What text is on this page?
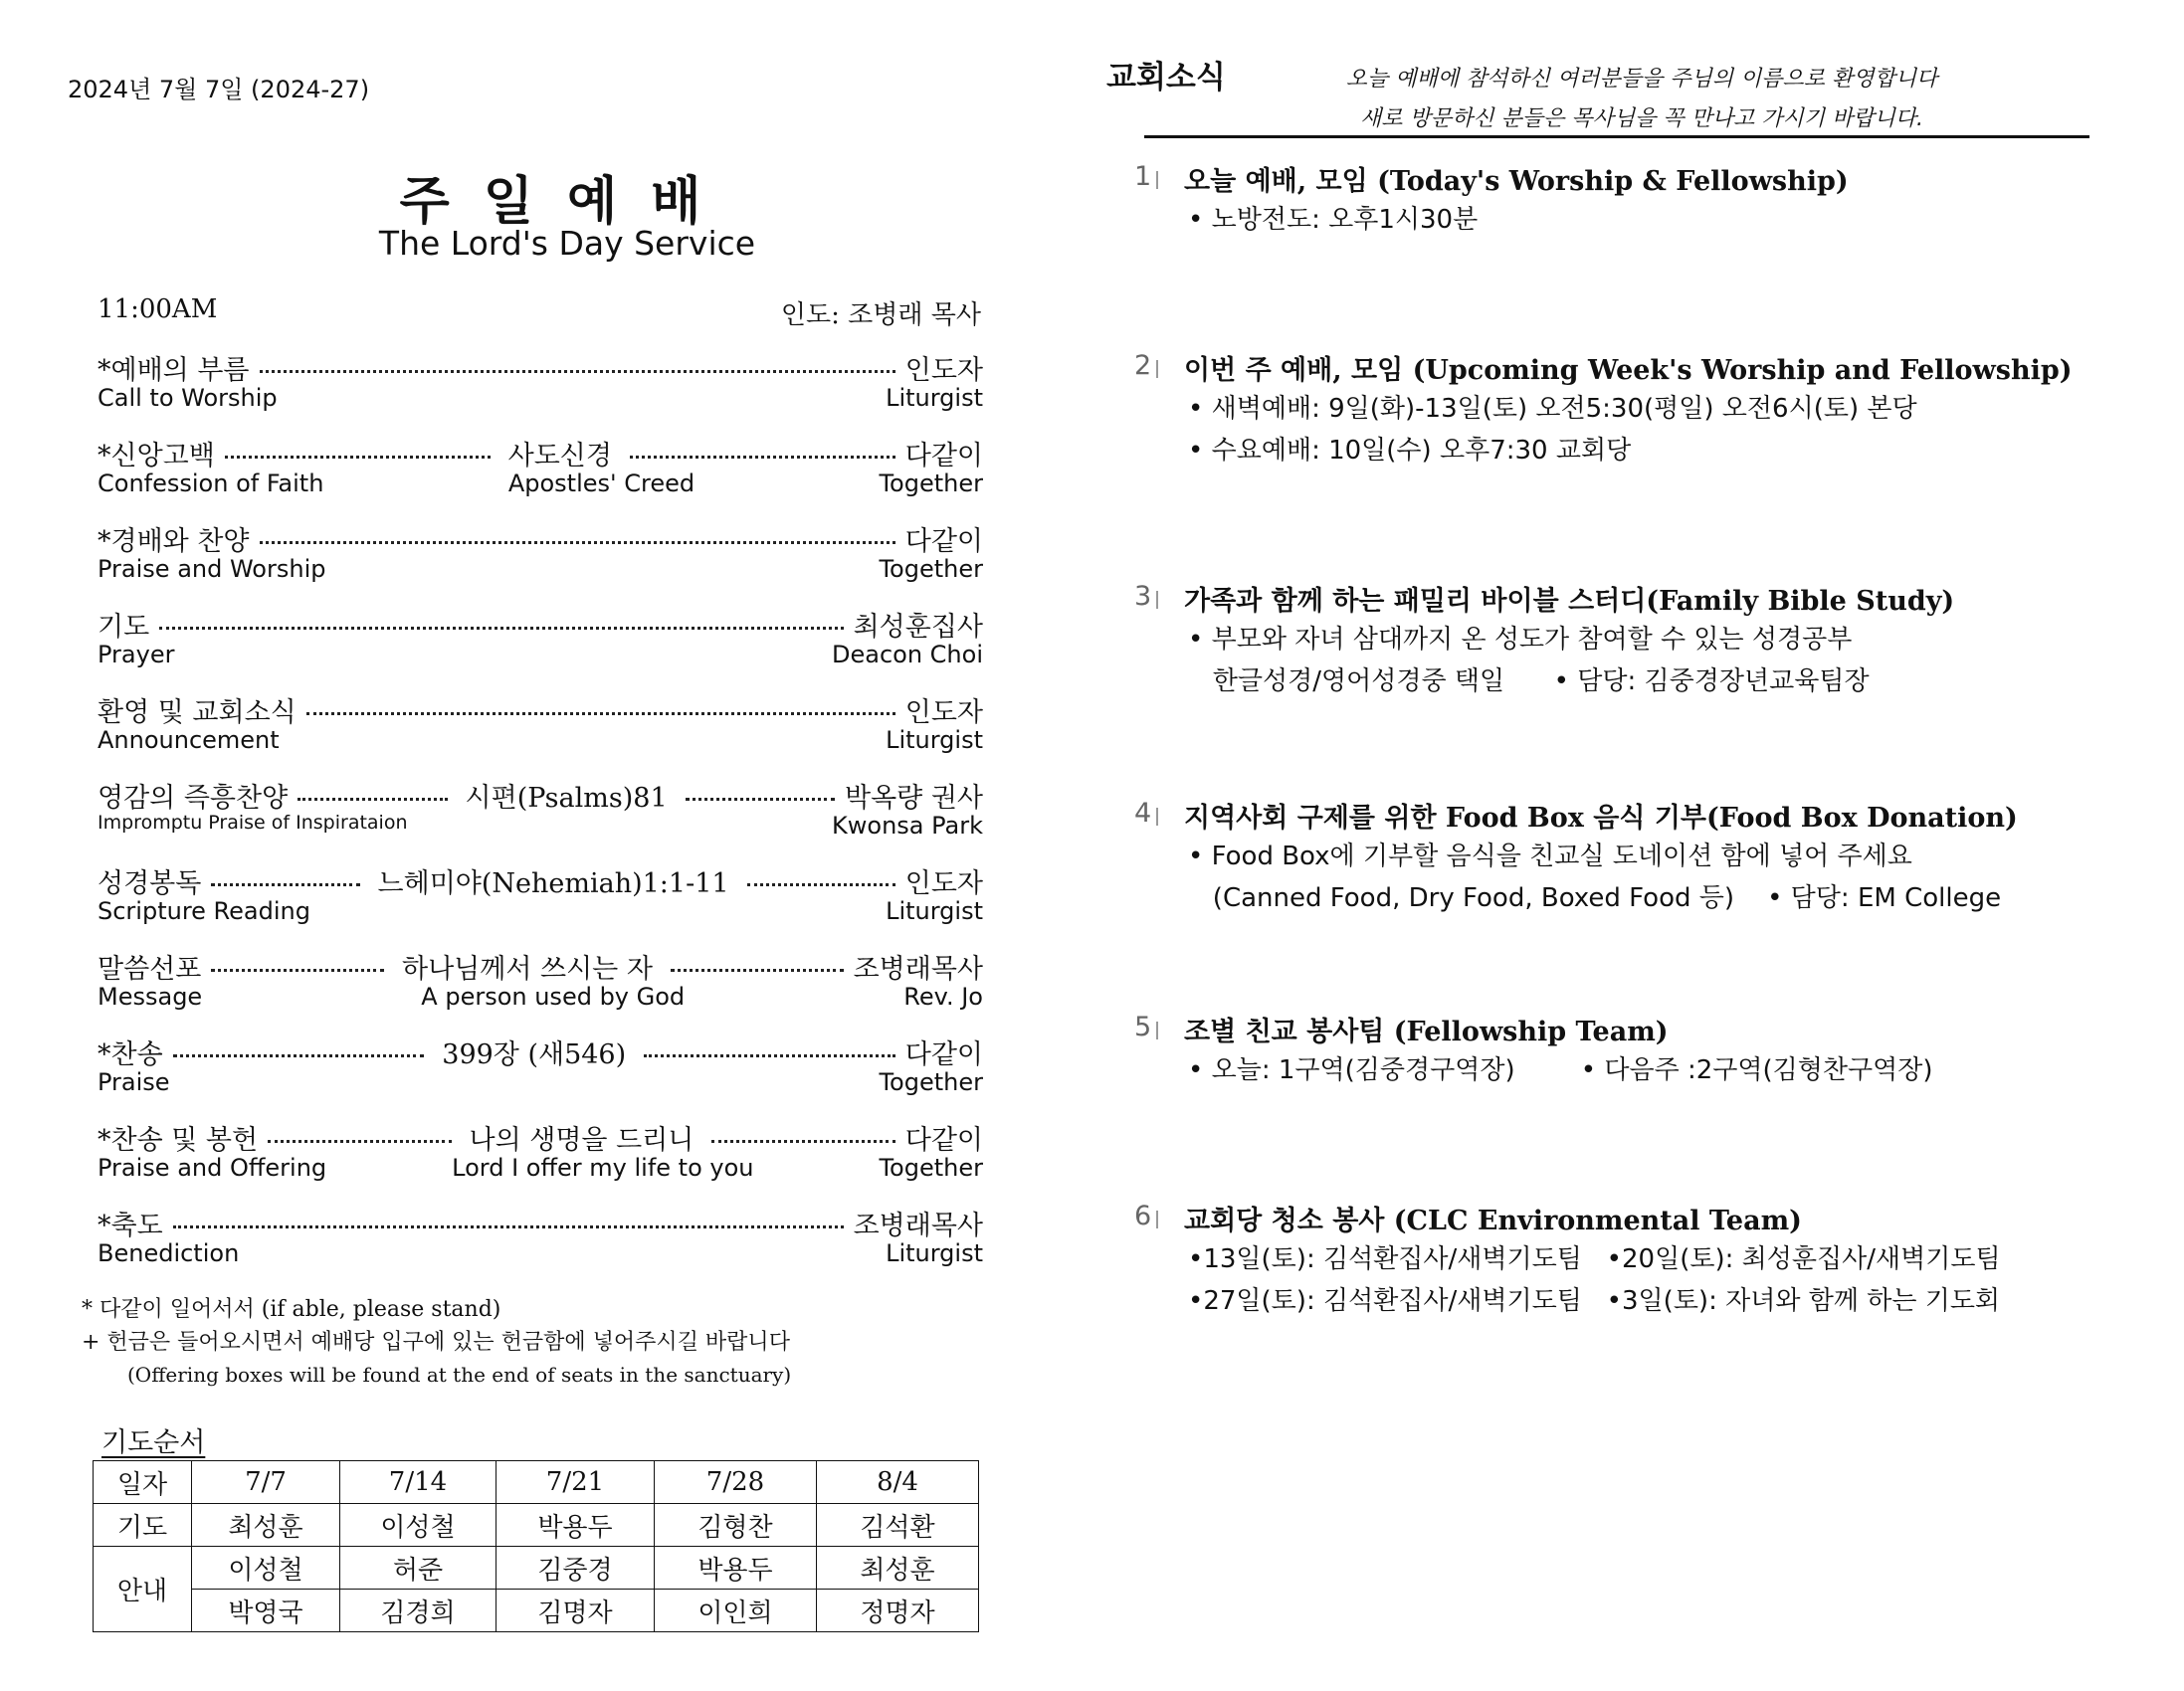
2024년 7월 7일 (2024-27)
주일예배
The Lord's Day Service
11:00AM	인도: 조병래 목사
*예배의 부름	인도자
Call to Worship	Liturgist
*신앙고백	사도신경	다같이
Confession of Faith	Apostles' Creed	Together
*경배와 찬양	다같이
Praise and Worship	Together
기도	최성훈집사
Prayer	Deacon Choi
환영 및 교회소식	인도자
Announcement	Liturgist
영감의 즉흥찬양	시편(Psalms)81	박옥량 권사
Impromptu Praise of Inspirataion	Kwonsa Park
성경봉독	느헤미야(Nehemiah)1:1-11	인도자
Scripture Reading	Liturgist
말씀선포	하나님께서 쓰시는 자	조병래목사
Message	A person used by God	Rev. Jo
*찬송	399장 (새546)	다같이
Praise	Together
*찬송 및 봉헌	나의 생명을 드리니	다같이
Praise and Offering	Lord I offer my life to you	Together
*축도	조병래목사
Benediction	Liturgist
* 다같이 일어서서 (if able, please stand)
+ 헌금은 들어오시면서 예배당 입구에 있는 헌금함에 넣어주시길 바랍니다
(Offering boxes will be found at the end of seats in the sanctuary)
기도순서
일자	7/7	7/14	7/21	7/28	8/4
기도	최성훈	이성철	박용두	김형찬	김석환
안내	이성철	허준	김중경	박용두	최성훈
	박영국	김경희	김명자	이인희	정명자
교회소식	오늘 예배에 참석하신 여러분들을 주님의 이름으로 환영합니다
새로 방문하신 분들은 목사님을 꼭 만나고 가시기 바랍니다.
1 오늘 예배, 모임 (Today's Worship & Fellowship)
• 노방전도: 오후1시30분
2 이번 주 예배, 모임 (Upcoming Week's Worship and Fellowship)
• 새벽예배: 9일(화)-13일(토) 오전5:30(평일) 오전6시(토) 본당
• 수요예배: 10일(수) 오후7:30 교회당
3 가족과 함께 하는 패밀리 바이블 스터디(Family Bible Study)
• 부모와 자녀 삼대까지 온 성도가 참여할 수 있는 성경공부
한글성경/영어성경중 택일      • 담당: 김중경장년교육팀장
4 지역사회 구제를 위한 Food Box 음식 기부(Food Box Donation)
• Food Box에 기부할 음식을 친교실 도네이션 함에 넣어 주세요
(Canned Food, Dry Food, Boxed Food 등)    • 담당: EM College
5 조별 친교 봉사팀 (Fellowship Team)
• 오늘: 1구역(김중경구역장)        • 다음주 :2구역(김형찬구역장)
6 교회당 청소 봉사 (CLC Environmental Team)
•13일(토): 김석환집사/새벽기도팀   •20일(토): 최성훈집사/새벽기도팀
•27일(토): 김석환집사/새벽기도팀   •3일(토): 자녀와 함께 하는 기도회
